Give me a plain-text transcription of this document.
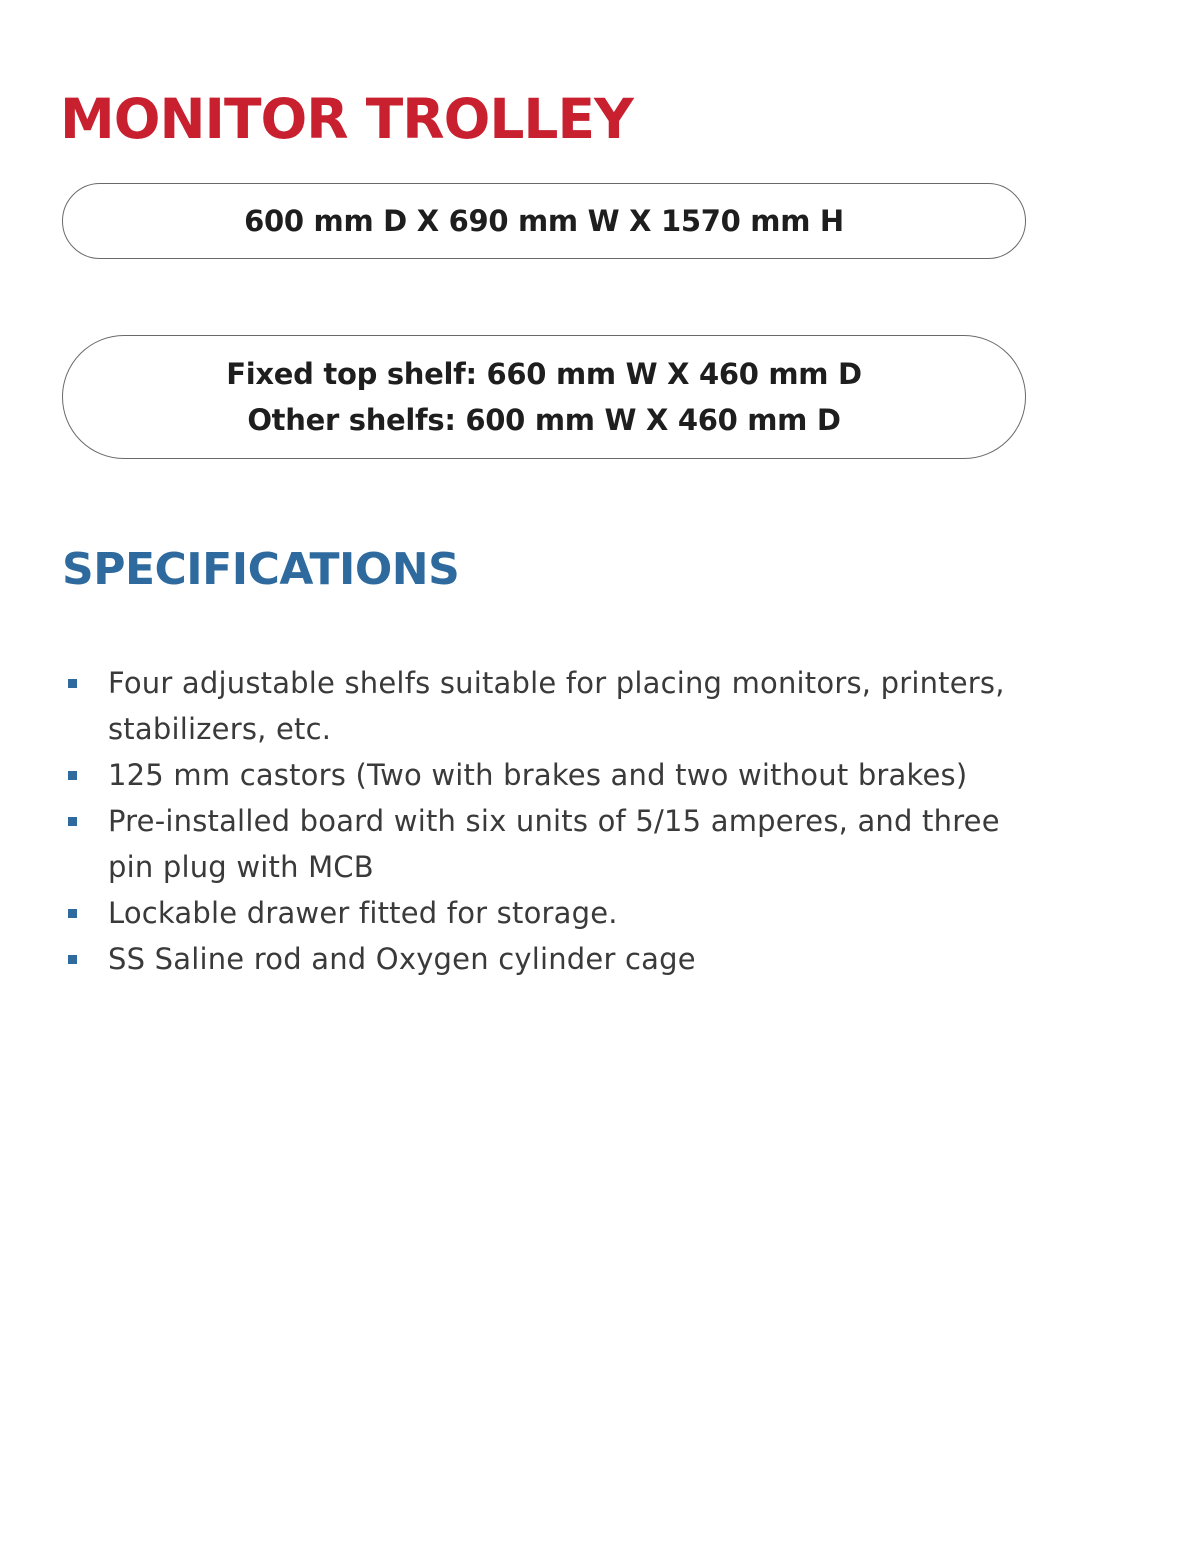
MONITOR TROLLEY
600 mm D X 690 mm W X 1570 mm H
Fixed top shelf: 660 mm W X 460 mm D
Other shelfs: 600 mm W X 460 mm D
SPECIFICATIONS
Four adjustable shelfs suitable for placing monitors, printers, stabilizers, etc.
125 mm castors (Two with brakes and two without brakes)
Pre-installed board with six units of 5/15 amperes, and three pin plug with MCB
Lockable drawer fitted for storage.
SS Saline rod and Oxygen cylinder cage
